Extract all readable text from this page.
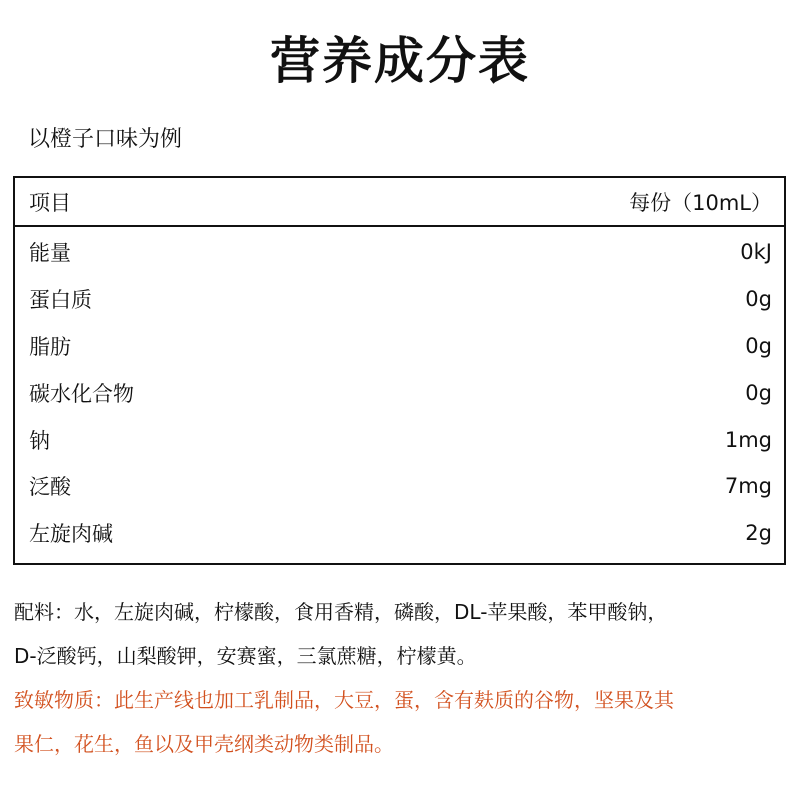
营养成分表
以橙子口味为例
项目	每份（10mL）
能量	0kJ
蛋白质	0g
脂肪	0g
碳水化合物	0g
钠	1mg
泛酸	7mg
左旋肉碱	2g
配料：水，左旋肉碱，柠檬酸，食用香精，磷酸，DL-苹果酸，苯甲酸钠，
D-泛酸钙，山梨酸钾，安赛蜜，三氯蔗糖，柠檬黄。
致敏物质：此生产线也加工乳制品，大豆，蛋，含有麸质的谷物，坚果及其
果仁，花生，鱼以及甲壳纲类动物类制品。
